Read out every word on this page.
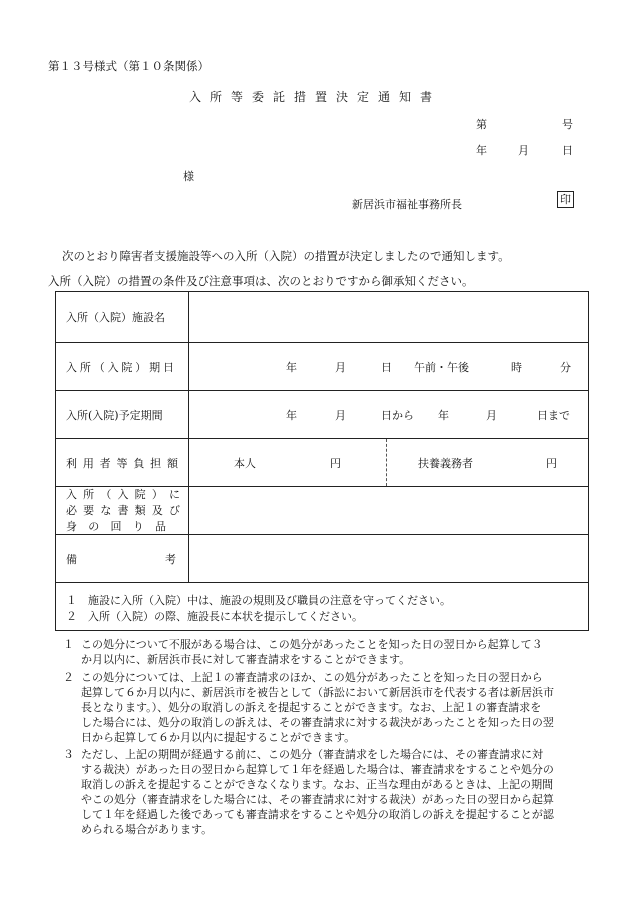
第１３号様式（第１０条関係）
入所等委託措置決定通知書
第	号
年	月	日
様
新居浜市福祉事務所長	印
次のとおり障害者支援施設等への入所（入院）の措置が決定しましたので通知します。
入所（入院）の措置の条件及び注意事項は、次のとおりですから御承知ください。
入所（入院）施設名
入所（入院）期日	年	月	日 午前・午後	時	分
入所(入院)予定期間	年	月	日から 年	月	日まで
利用者等負担額	本人	円	扶養義務者	円
入所（入院）に
必要な書類及び
身の回り品
備考
１　施設に入所（入院）中は、施設の規則及び職員の注意を守ってください。
２　入所（入院）の際、施設長に本状を提示してください。
１ この処分について不服がある場合は、この処分があったことを知った日の翌日から起算して３
か月以内に、新居浜市長に対して審査請求をすることができます。
２ この処分については、上記１の審査請求のほか、この処分があったことを知った日の翌日から
起算して６か月以内に、新居浜市を被告として（訴訟において新居浜市を代表する者は新居浜市
長となります。）、処分の取消しの訴えを提起することができます。なお、上記１の審査請求を
した場合には、処分の取消しの訴えは、その審査請求に対する裁決があったことを知った日の翌
日から起算して６か月以内に提起することができます。
３ ただし、上記の期間が経過する前に、この処分（審査請求をした場合には、その審査請求に対
する裁決）があった日の翌日から起算して１年を経過した場合は、審査請求をすることや処分の
取消しの訴えを提起することができなくなります。なお、正当な理由があるときは、上記の期間
やこの処分（審査請求をした場合には、その審査請求に対する裁決）があった日の翌日から起算
して１年を経過した後であっても審査請求をすることや処分の取消しの訴えを提起することが認
められる場合があります。
